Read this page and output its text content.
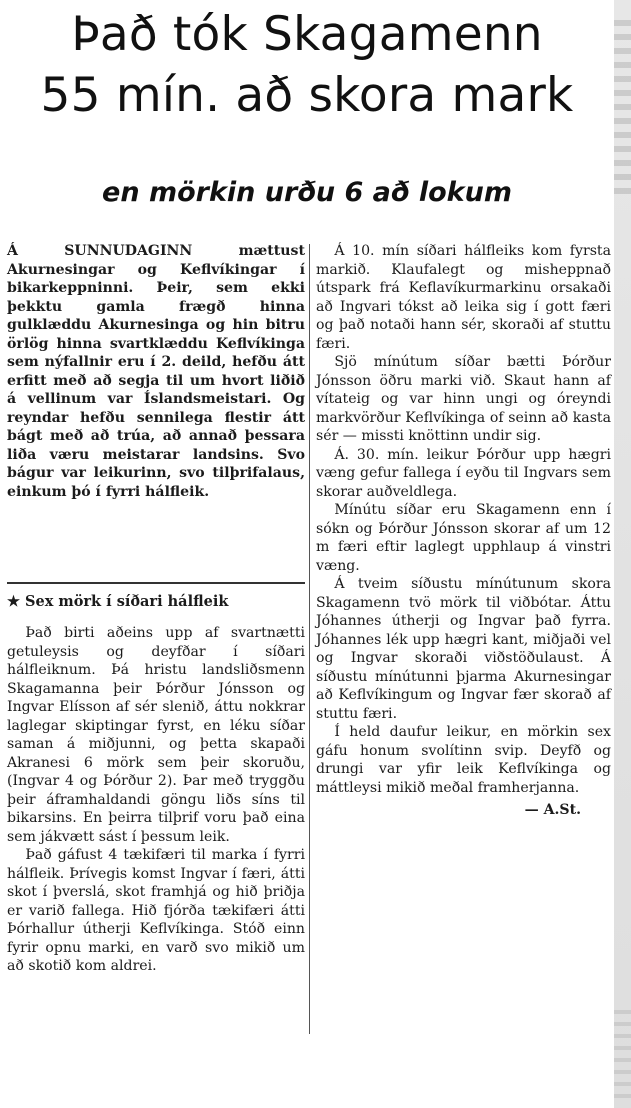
Það tók Skagamenn
55 mín. að skora mark
en mörkin urðu 6 að lokum

Á SUNNUDAGINN mættust Akurnesingar og Keflvíkingar í bikarkeppninni. Þeir, sem ekki þekktu gamla frægð hinna gulklæddu Akurnesinga og hin bitru örlög hinna svartklæddu Keflvíkinga sem nýfallnir eru í 2. deild, hefðu átt erfitt með að segja til um hvort liðið á vellinum var Íslandsmeistari. Og reyndar hefðu sennilega flestir átt bágt með að trúa, að annað þessara liða væru meistarar landsins. Svo bágur var leikurinn, svo tilþrifalaus, einkum þó í fyrri hálfleik.

★ Sex mörk í síðari hálfleik

Það birti aðeins upp af svartnætti getuleysis og deyfðar í síðari hálfleiknum. Þá hristu landsliðsmenn Skagamanna þeir Þórður Jónsson og Ingvar Elísson af sér slenið, áttu nokkrar laglegar skiptingar fyrst, en léku síðar saman á miðjunni, og þetta skapaði Akranesi 6 mörk sem þeir skoruðu, (Ingvar 4 og Þórður 2). Þar með tryggðu þeir áframhaldandi göngu liðs síns til bikarsins. En þeirra tilþrif voru það eina sem jákvætt sást í þessum leik.

Það gáfust 4 tækifæri til marka í fyrri hálfleik. Þrívegis komst Ingvar í færi, átti skot í þverslá, skot framhjá og hið þriðja er varið fallega. Hið fjórða tækifæri átti Þórhallur útherji Keflvíkinga. Stóð einn fyrir opnu marki, en varð svo mikið um að skotið kom aldrei.

Á 10. mín síðari hálfleiks kom fyrsta markið. Klaufalegt og misheppnað útspark frá Keflavíkurmarkinu orsakaði að Ingvari tókst að leika sig í gott færi og það notaði hann sér, skoraði af stuttu færi.

Sjö mínútum síðar bætti Þórður Jónsson öðru marki við. Skaut hann af vítateig og var hinn ungi og óreyndi markvörður Keflvíkinga of seinn að kasta sér — missti knöttinn undir sig.

Á. 30. mín. leikur Þórður upp hægri væng gefur fallega í eyðu til Ingvars sem skorar auðveldlega.

Mínútu síðar eru Skagamenn enn í sókn og Þórður Jónsson skorar af um 12 m færi eftir laglegt upphlaup á vinstri væng.

Á tveim síðustu mínútunum skora Skagamenn tvö mörk til viðbótar. Áttu Jóhannes útherji og Ingvar það fyrra. Jóhannes lék upp hægri kant, miðjaði vel og Ingvar skoraði viðstöðulaust. Á síðustu mínútunni þjarma Akurnesingar að Keflvíkingum og Ingvar fær skorað af stuttu færi.

Í held daufur leikur, en mörkin sex gáfu honum svolítinn svip. Deyfð og drungi var yfir leik Keflvíkinga og máttleysi mikið meðal framherjanna.

— A.St.
